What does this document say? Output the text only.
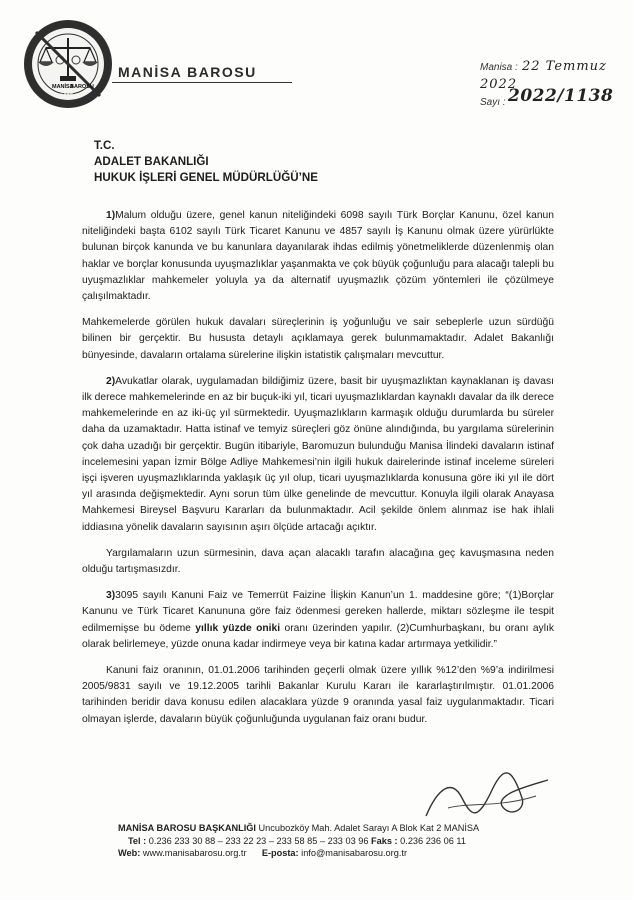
MANİSA
BAROSU
1925
MANİSA BAROSU	Manisa : 22 Temmuz 2022
Sayı : 2022/1138
T.C.
ADALET BAKANLIĞI
HUKUK İŞLERİ GENEL MÜDÜRLÜĞÜ’NE

1)Malum olduğu üzere, genel kanun niteliğindeki 6098 sayılı Türk Borçlar Kanunu, özel kanun niteliğindeki başta 6102 sayılı Türk Ticaret Kanunu ve 4857 sayılı İş Kanunu olmak üzere yürürlükte bulunan birçok kanunda ve bu kanunlara dayanılarak ihdas edilmiş yönetmeliklerde düzenlenmiş olan haklar ve borçlar konusunda uyuşmazlıklar yaşanmakta ve çok büyük çoğunluğu para alacağı talepli bu uyuşmazlıklar mahkemeler yoluyla ya da alternatif uyuşmazlık çözüm yöntemleri ile çözülmeye çalışılmaktadır.

Mahkemelerde görülen hukuk davaları süreçlerinin iş yoğunluğu ve sair sebeplerle uzun sürdüğü bilinen bir gerçektir. Bu hususta detaylı açıklamaya gerek bulunmamaktadır. Adalet Bakanlığı bünyesinde, davaların ortalama sürelerine ilişkin istatistik çalışmaları mevcuttur.

2)Avukatlar olarak, uygulamadan bildiğimiz üzere, basit bir uyuşmazlıktan kaynaklanan iş davası ilk derece mahkemelerinde en az bir buçuk-iki yıl, ticari uyuşmazlıklardan kaynaklı davalar da ilk derece mahkemelerinde en az iki-üç yıl sürmektedir. Uyuşmazlıkların karmaşık olduğu durumlarda bu süreler daha da uzamaktadır. Hatta istinaf ve temyiz süreçleri göz önüne alındığında, bu yargılama sürelerinin çok daha uzadığı bir gerçektir. Bugün itibariyle, Baromuzun bulunduğu Manisa İlindeki davaların istinaf incelemesini yapan İzmir Bölge Adliye Mahkemesi’nin ilgili hukuk dairelerinde istinaf inceleme süreleri işçi işveren uyuşmazlıklarında yaklaşık üç yıl olup, ticari uyuşmazlıklarda konusuna göre iki yıl ile dört yıl arasında değişmektedir. Aynı sorun tüm ülke genelinde de mevcuttur. Konuyla ilgili olarak Anayasa Mahkemesi Bireysel Başvuru Kararları da bulunmaktadır. Acil şekilde önlem alınmaz ise hak ihlali iddiasına yönelik davaların sayısının aşırı ölçüde artacağı açıktır.

Yargılamaların uzun sürmesinin, dava açan alacaklı tarafın alacağına geç kavuşmasına neden olduğu tartışmasızdır.

3)3095 sayılı Kanuni Faiz ve Temerrüt Faizine İlişkin Kanun’un 1. maddesine göre; “(1)Borçlar Kanunu ve Türk Ticaret Kanununa göre faiz ödenmesi gereken hallerde, miktarı sözleşme ile tespit edilmemişse bu ödeme yıllık yüzde oniki oranı üzerinden yapılır. (2)Cumhurbaşkanı, bu oranı aylık olarak belirlemeye, yüzde onuna kadar indirmeye veya bir katına kadar artırmaya yetkilidir.”

Kanuni faiz oranının, 01.01.2006 tarihinden geçerli olmak üzere yıllık %12’den %9’a indirilmesi 2005/9831 sayılı ve 19.12.2005 tarihli Bakanlar Kurulu Kararı ile kararlaştırılmıştır. 01.01.2006 tarihinden beridir dava konusu edilen alacaklara yüzde 9 oranında yasal faiz uygulanmaktadır. Ticari olmayan işlerde, davaların büyük çoğunluğunda uygulanan faiz oranı budur.

MANİSA BAROSU BAŞKANLIĞI Uncubozköy Mah. Adalet Sarayı A Blok Kat 2 MANİSA
Tel : 0.236 233 30 88 – 233 22 23 – 233 58 85 – 233 03 96 Faks : 0.236 236 06 11
Web: www.manisabarosu.org.tr E-posta: info@manisabarosu.org.tr
